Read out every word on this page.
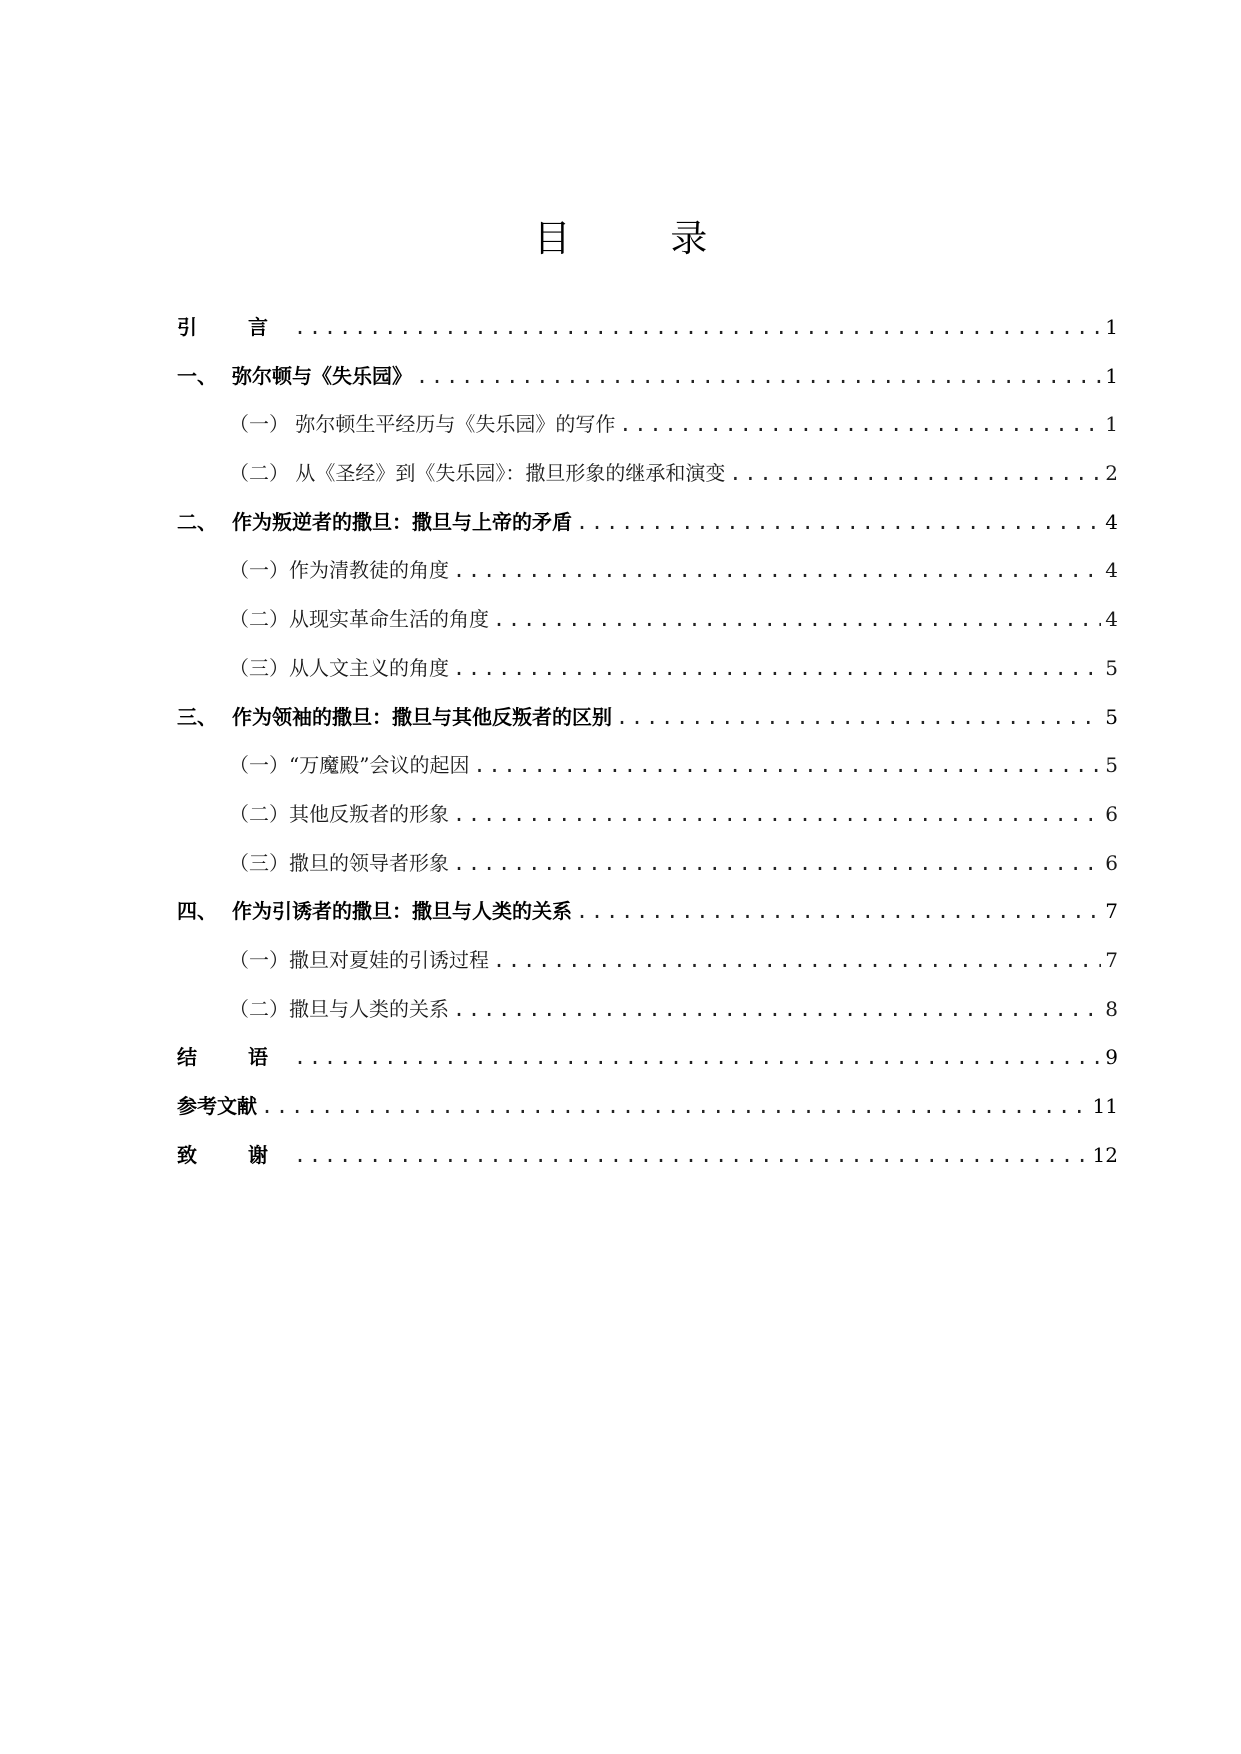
目 录
引 言 .....	1
一、 弥尔顿与《失乐园》 .....	1
（一） 弥尔顿生平经历与《失乐园》的写作 .....	1
（二） 从《圣经》到《失乐园》：撒旦形象的继承和演变 .....	2
二、 作为叛逆者的撒旦：撒旦与上帝的矛盾 .....	4
（一）作为清教徒的角度 .....	4
（二）从现实革命生活的角度 .....	4
（三）从人文主义的角度 .....	5
三、 作为领袖的撒旦：撒旦与其他反叛者的区别 .....	5
（一）“万魔殿”会议的起因 .....	5
（二）其他反叛者的形象 .....	6
（三）撒旦的领导者形象 .....	6
四、 作为引诱者的撒旦：撒旦与人类的关系 .....	7
（一）撒旦对夏娃的引诱过程 .....	7
（二）撒旦与人类的关系 .....	8
结 语 .....	9
参考文献 .....	11
致 谢 .....	12
